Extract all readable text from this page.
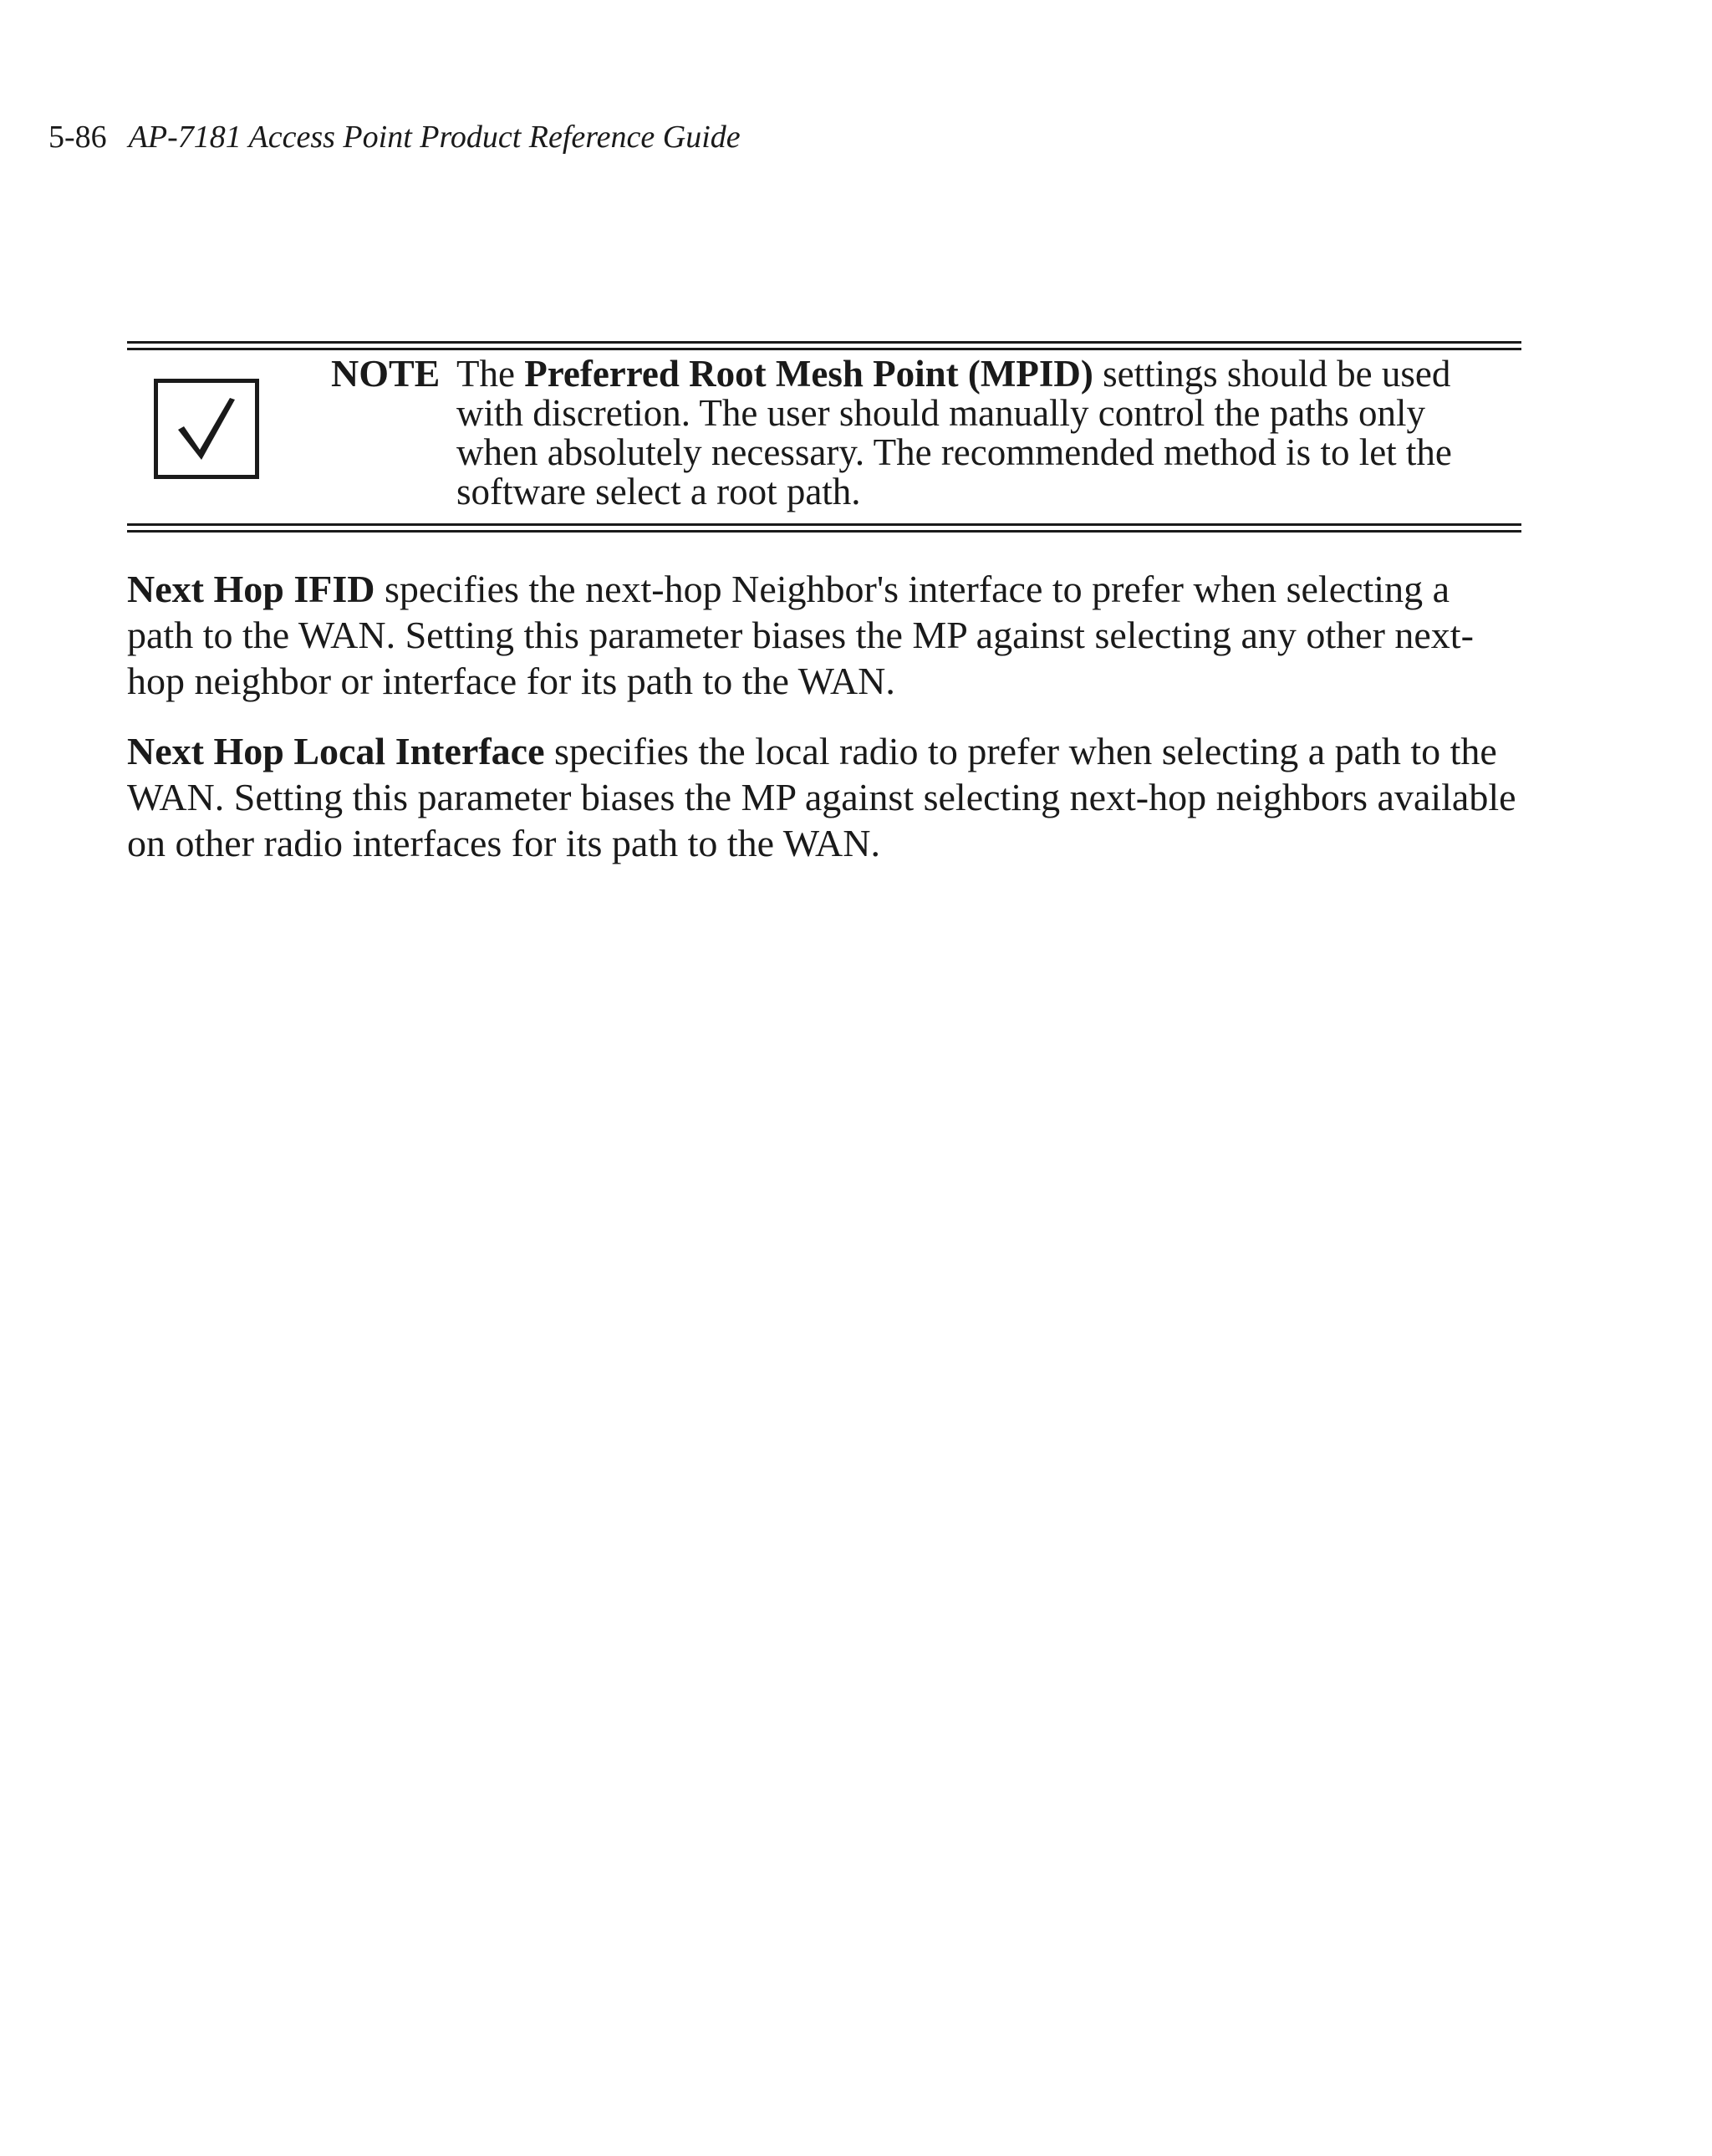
5-86 AP-7181 Access Point Product Reference Guide
NOTE The Preferred Root Mesh Point (MPID) settings should be used with discretion. The user should manually control the paths only when absolutely necessary. The recommended method is to let the software select a root path.

Next Hop IFID specifies the next-hop Neighbor's interface to prefer when selecting a path to the WAN. Setting this parameter biases the MP against selecting any other next-hop neighbor or interface for its path to the WAN.

Next Hop Local Interface specifies the local radio to prefer when selecting a path to the WAN. Setting this parameter biases the MP against selecting next-hop neighbors available on other radio interfaces for its path to the WAN.
